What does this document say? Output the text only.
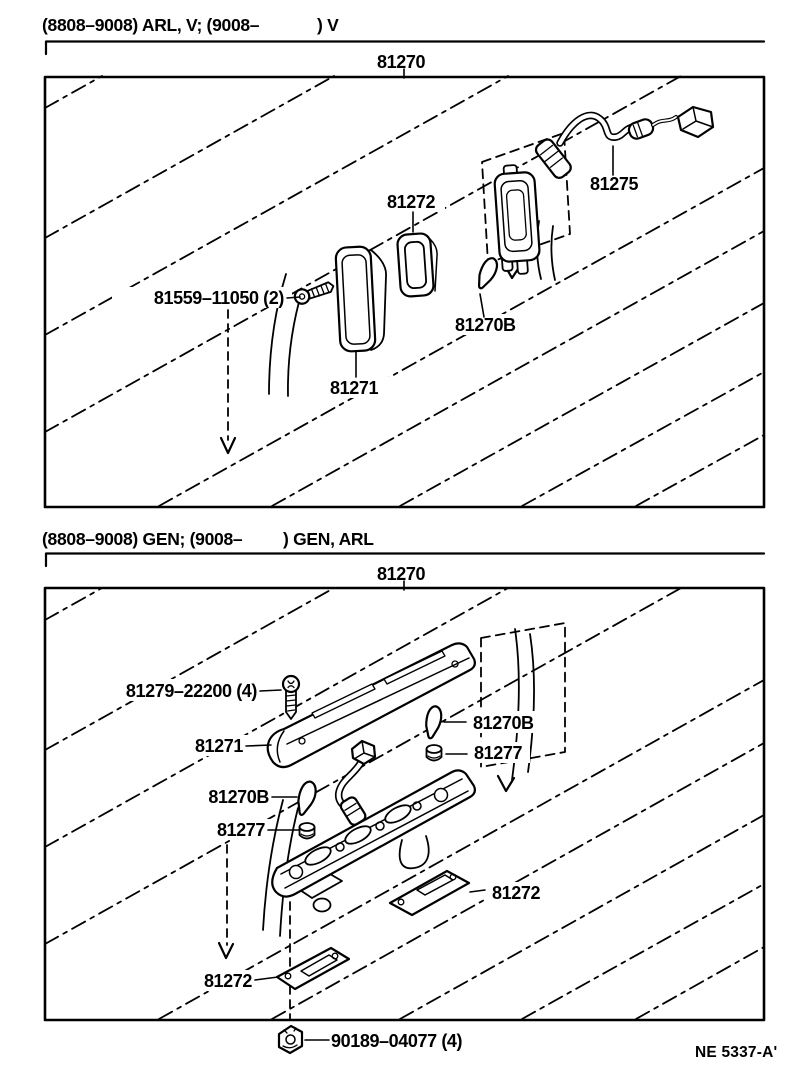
(8808–9008) ARL, V; (9008–	) V
81270
81559–11050 (2)
81271
81272
81270B
81275
(8808–9008) GEN; (9008– ) GEN, ARL
81270
81279–22200 (4)
81271
81270B
81277
81270B
81277
81272
81272
90189–04077 (4)
NE 5337-A'
